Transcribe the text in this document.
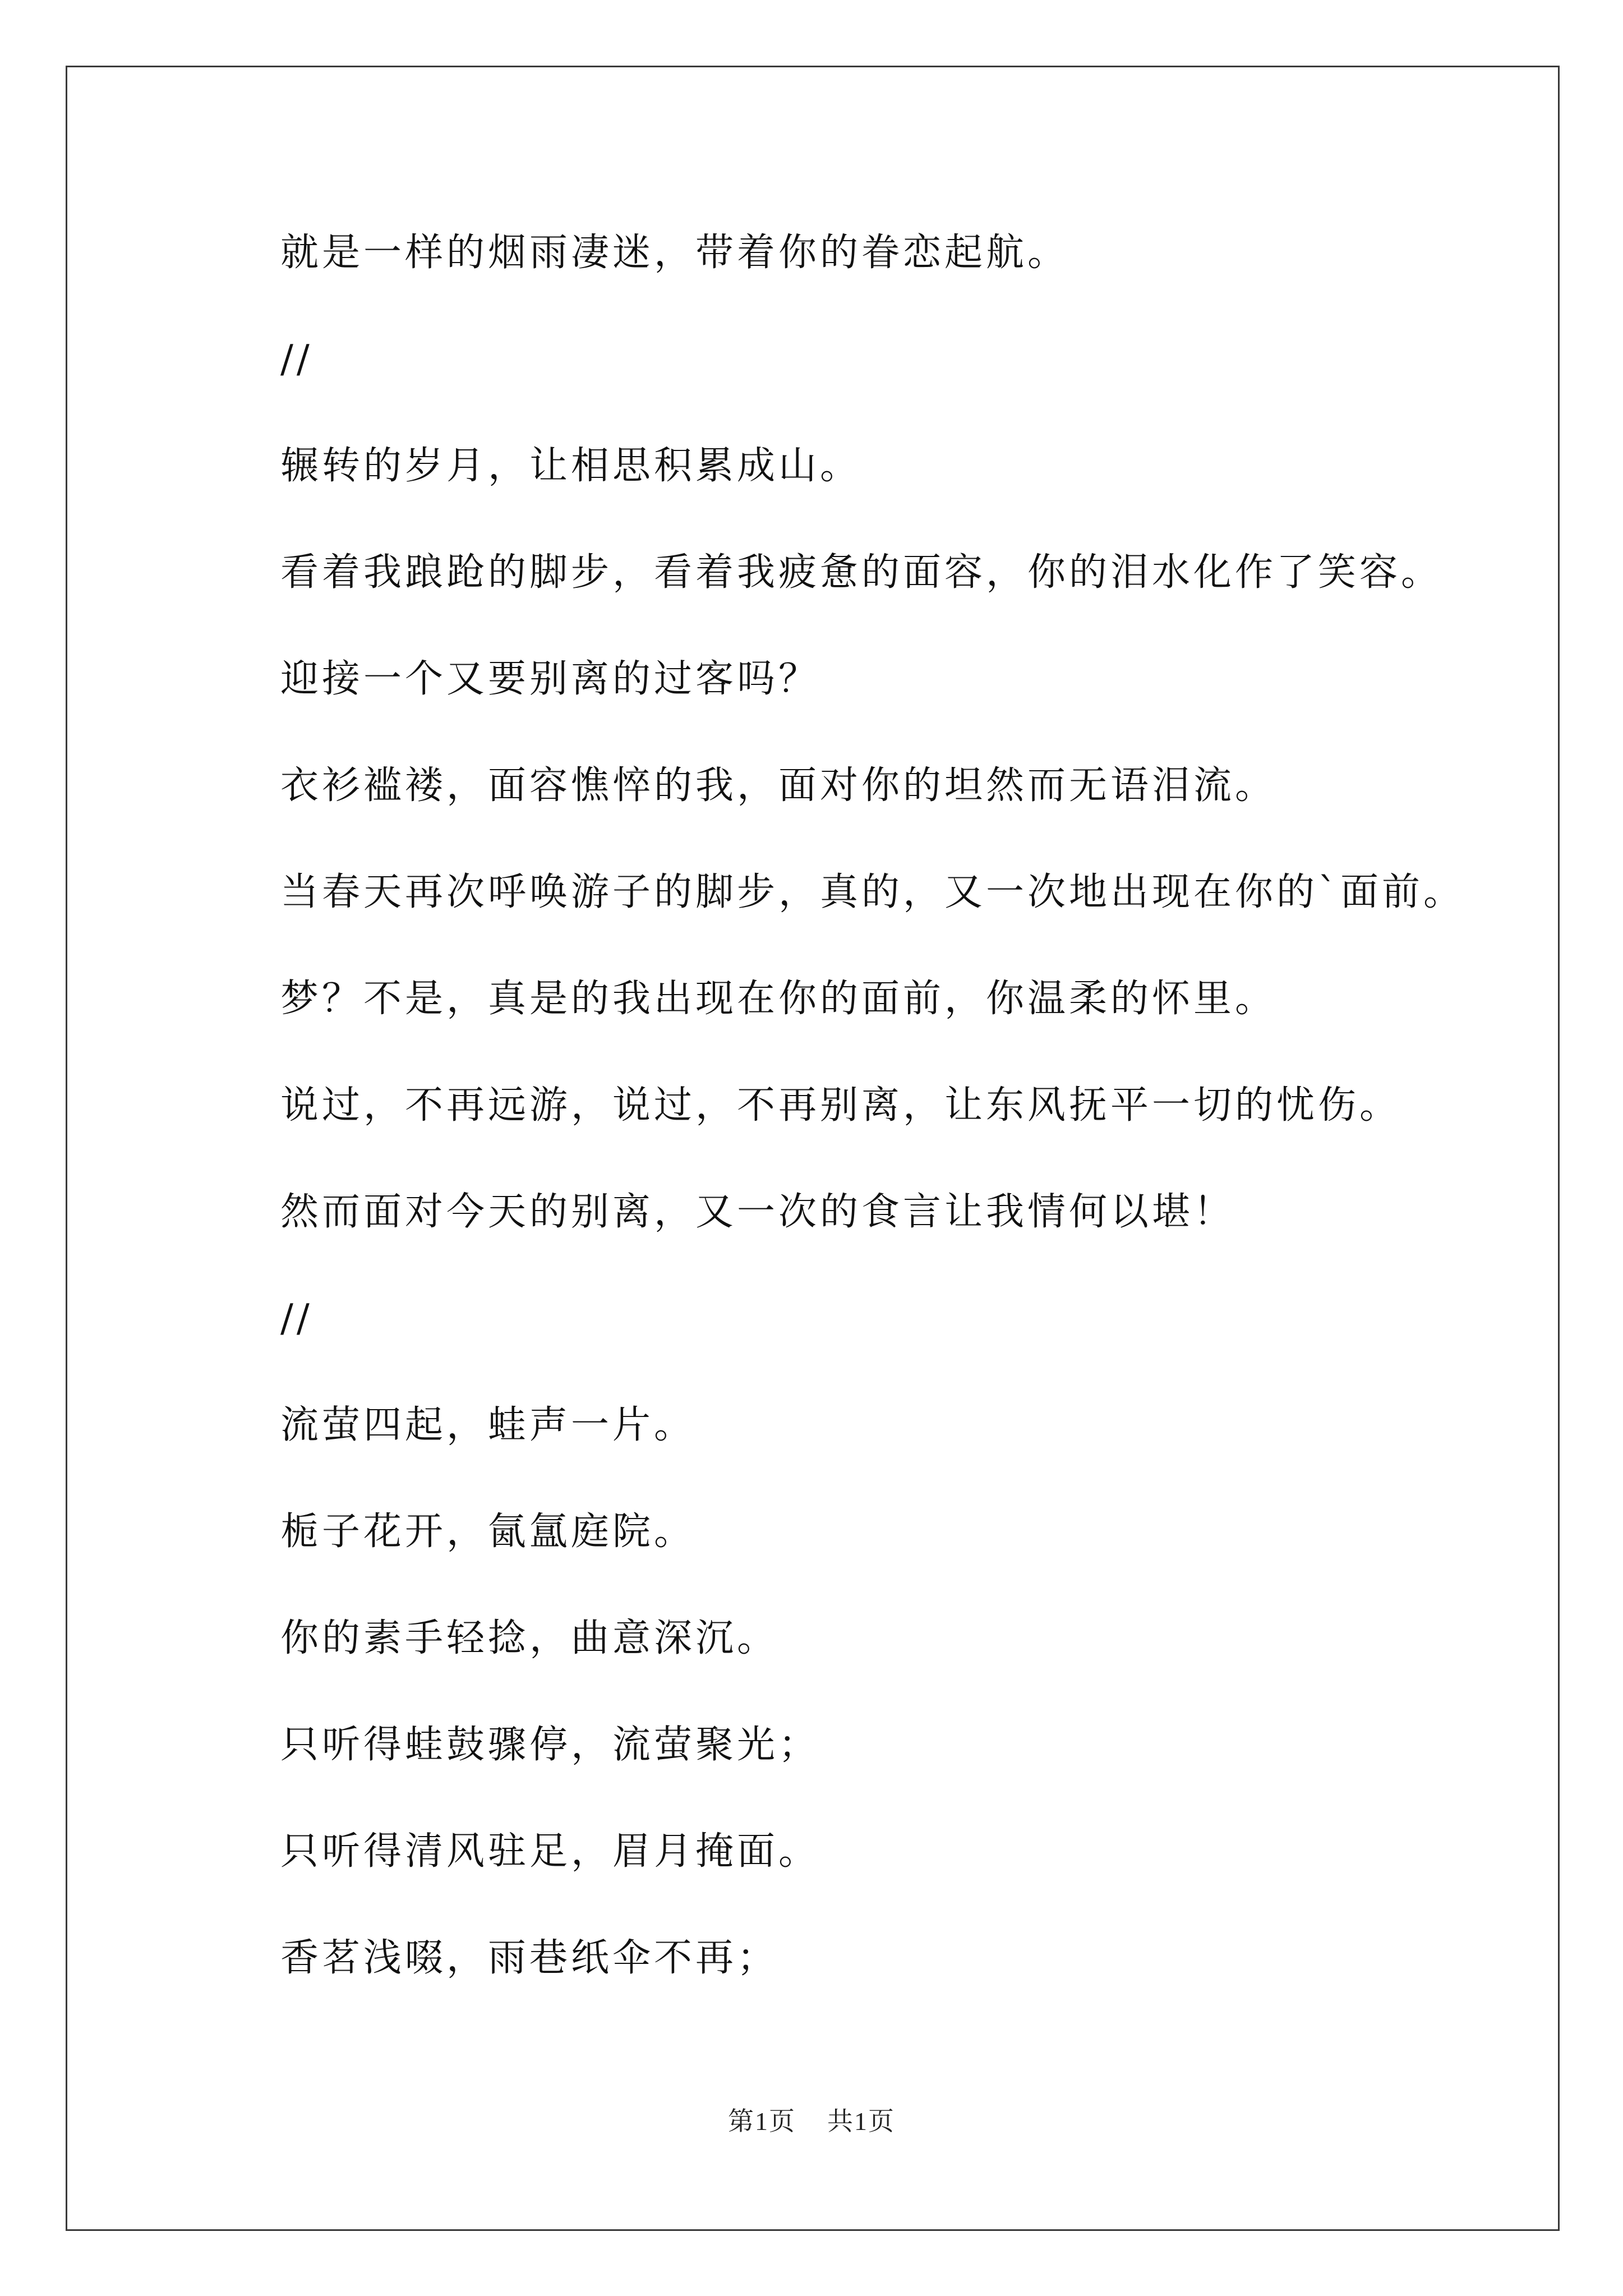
就是一样的烟雨凄迷，带着你的眷恋起航。
//
辗转的岁月，让相思积累成山。
看着我踉跄的脚步，看着我疲惫的面容，你的泪水化作了笑容。
迎接一个又要别离的过客吗？
衣衫褴褛，面容憔悴的我，面对你的坦然而无语泪流。
当春天再次呼唤游子的脚步，真的，又一次地出现在你的`面前。
梦？不是，真是的我出现在你的面前，你温柔的怀里。
说过，不再远游，说过，不再别离，让东风抚平一切的忧伤。
然而面对今天的别离，又一次的食言让我情何以堪！
//
流萤四起，蛙声一片。
栀子花开，氤氲庭院。
你的素手轻捻，曲意深沉。
只听得蛙鼓骤停，流萤聚光；
只听得清风驻足，眉月掩面。
香茗浅啜，雨巷纸伞不再；
第1页 共1页
